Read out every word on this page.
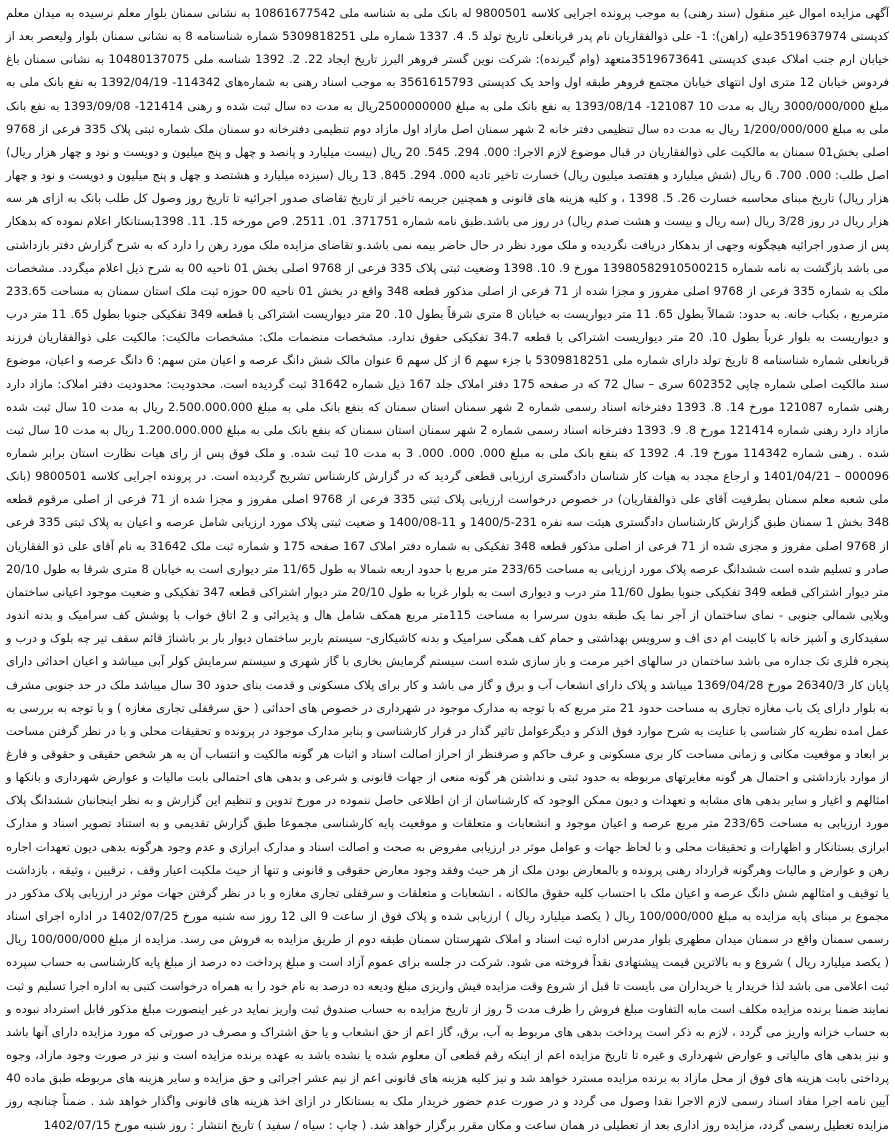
آگهی مزایده اموال غیر منقول (سند رهنی) به موجب پرونده اجرایی کلاسه 9800501 له بانک ملی به شناسه ملی 10861677542 به نشانی سمنان بلوار معلم نرسیده به میدان معلم کدپستی 3519637974علیه (راهن): 1- علی ذوالفقاریان نام پدر قربانعلی تاریخ تولد 5. 4. 1337 شماره ملی 5309818251 شماره شناسنامه 8 به نشانی سمنان بلوار ولیعصر بعد از خیابان ارم جنب املاک عبدی کدپستی 3519673641متعهد (وام گیرنده): شرکت نوین گستر فروهر البرز تاریخ ایجاد 22. 2. 1392 شناسه ملی 10480137075 به نشانی سمنان باغ فردوس خیابان 12 متری اول انتهای خیابان مجتمع فروهر طبقه اول واحد یک کدپستی 3561615793 به موجب اسناد رهنی به شماره‌های 114342- 1392/04/19 به نفع بانک ملی به مبلغ 3000/000/000 ریال به مدت 10 121087- 1393/08/14 به نفع بانک ملی به مبلغ 2500000000ریال به مدت ده سال ثبت شده و رهنی 121414- 1393/09/08 به نفع بانک ملی به مبلغ 1/200/000/000 ریال به مدت ده سال تنظیمی دفتر خانه 2 شهر سمنان اصل مازاد اول مازاد دوم تنظیمی دفترخانه دو سمنان ملک شماره ثبتی پلاک 335 فرعی از 9768 اصلی بخش01 سمنان به مالکیت علی ذوالفقاریان در قبال موضوع لازم الاجرا: 000. 294. 545. 20 ریال (بیست میلیارد و پانصد و چهل و پنج میلیون و دویست و نود و چهار هزار ریال) اصل طلب: 000. 700. 6 ریال (شش میلیارد و هفتصد میلیون ریال) خسارت تاخیر تادیه 000. 294. 845. 13 ریال (سیزده میلیارد و هشتصد و چهل و پنج میلیون و دویست و نود و چهار هزار ریال) تاریخ مبنای محاسبه خسارت 26. 5. 1398 ، و کلیه هزینه های قانونی و همچنین جریمه تاخیر از تاریخ تقاضای صدور اجرائیه تا تاریخ روز وصول کل طلب بانک به ازای هر سه هزار ریال در روز 3/28 ریال (سه ریال و بیست و هشت صدم ریال) در روز می باشد.طبق نامه شماره 371751. 01. 2511. 9ص مورخه 15. 11. 1398بستانکار اعلام نموده که بدهکار پس از صدور اجرائیه هیچگونه وجهی از بدهکار دریافت نگردیده و ملک مورد نظر در حال حاضر بیمه نمی باشد.و تقاضای مزایده ملک مورد رهن را دارد که به شرح گزارش دفتر بازداشتی می باشد بازگشت به نامه شماره 13980582910500215 مورخ 9. 10. 1398 وضعیت ثبتی پلاک 335 فرعی از 9768 اصلی بخش 01 ناحیه 00 به شرح ذیل اعلام میگردد. مشخصات ملک به شماره 335 فرعی از 9768 اصلی مفروز و مجزا شده از 71 فرعی از اصلی مذکور قطعه 348 واقع در بخش 01 ناحیه 00 حوزه ثبت ملک استان سمنان به مساحت 233.65 مترمربع ، بکباب خانه. به حدود: شمالاً بطول 65. 11 متر دیواریست به خیابان 8 متری شرقاً بطول 10. 20 متر دیواریست اشتراکی با قطعه 349 تفکیکی جنوبا بطول 65. 11 متر درب و دیواریست به بلوار غرباً بطول 10. 20 متر دیواریست اشتراکی با قطعه 34.7 تفکیکی حقوق ندارد. مشخصات منضمات ملک: مشخصات مالکیت: مالکیت علی ذوالفقاریان فرزند قربانعلی شماره شناسنامه 8 تاریخ تولد دارای شماره ملی 5309818251 با جزء سهم 6 از کل سهم 6 عنوان مالک شش دانگ عرصه و اعیان متن سهم: 6 دانگ عرصه و اعیان، موضوع سند مالکیت اصلی شماره چاپی 602352 سری – سال 72 که در صفحه 175 دفتر املاک جلد 167 ذیل شماره 31642 ثبت گردیده است. محدودیت: محدودیت دفتر املاک: مازاد دارد رهنی شماره 121087 مورخ 14. 8. 1393 دفترخانه اسناد رسمی شماره 2 شهر سمنان استان سمنان که بنفع بانک ملی به مبلغ 2.500.000.000 ریال به مدت 10 سال ثبت شده مازاد دارد رهنی شماره 121414 مورخ 8. 9. 1393 دفترخانه اسناد رسمی شماره 2 شهر سمنان استان سمنان که بنفع بانک ملی به مبلغ 1.200.000.000 ریال به مدت 10 سال ثبت شده . رهنی شماره 114342 مورخ 19. 4. 1392 که بنفع بانک ملی به مبلغ 000. 000. 000. 3 به مدت 10 ثبت شده. و ملک فوق پس از رای هیات نظارت استان برابر شماره 000096 – 1401/04/21 و ارجاع مجدد به هیات کار شناسان دادگستری ارزیابی قطعی گردید که در گزارش کارشناس تشریح گردیده است. در پرونده اجرایی کلاسه 9800501 (بانک ملی شعبه معلم سمنان بطرفیت آقای علی ذوالفقاریان) در خصوص درخواست ارزیابی پلاک ثبتی 335 فرعی از 9768 اصلی مفروز و مجزا شده از 71 فرعی از اصلی مرقوم قطعه 348 بخش 1 سمنان طبق گزارش کارشناسان دادگستری هیئت سه نفره 231-1400/5 و 11-1400/08 و ضعیت ثبتی پلاک مورد ارزیابی شامل عرصه و اعیان به پلاک ثبتی 335 فرعی از 9768 اصلی مفروز و مجزی شده از 71 فرعی از اصلی مذکور قطعه 348 تفکیکی به شماره دفتر املاک 167 صفحه 175 و شماره ثبت ملک 31642 به نام آقای علی ذو الفقاریان صادر و تسلیم شده است ششدانگ عرصه پلاک مورد ارزیابی به مساحت 233/65 متر مربع با حدود اربعه شمالا به طول 11/65 متر دیواری است به خیابان 8 متری شرقا به طول 20/10 متر دیوار اشتراکی قطعه 349 تفکیکی جنوبا بطول 11/60 متر درب و دیواری است به بلوار غربا به طول 20/10 متر دیوار اشتراکی قطعه 347 تفکیکی و ضعیت موجود اعیانی ساختمان ویلایی شمالی جنوبی - نمای ساختمان از آجر نما یک طبقه بدون سرسرا به مساحت 115متر مربع همکف شامل هال و پذیرائی و 2 اتاق خواب با پوشش کف سرامیک و بدنه اندود سفیدکاری و آشپز خانه با کابینت ام دی اف و سرویس بهداشتی و حمام کف همگی سرامیک و بدنه کاشیکاری- سیستم باربر ساختمان دیوار بار بر باشناژ قائم سقف تیر چه بلوک و درب و پنجره فلزی تک جداره می باشد ساختمان در سالهای اخیر مرمت و باز سازی شده است سیستم گرمایش بخاری با گاز شهری و سیستم سرمایش کولر آبی میباشد و اعیان احداثی دارای پایان کار 26340/3 مورخ 1369/04/28 میباشد و پلاک دارای انشعاب آب و برق و گاز می باشد و کار برای پلاک مسکونی و قدمت بنای حدود 30 سال میباشد ملک در حد جنوبی مشرف به بلوار دارای یک باب مغازه تجاری به مساحت حدود 21 متر مربع که با توجه به مدارک موجود در شهرداری در خصوص های احداثی ( حق سرقفلی تجاری مغازه ) و با توجه به بررسی به عمل امده نظریه کار شناسی با عنایت به شرح موارد فوق الذکر و دیگرعوامل تاثیر گذار در قرار کارشناسی و بنابر مدارک موجود در پرونده و تحقیقات محلی و با در نظر گرفتن مساحت بر ابعاد و موقعیت مکانی و زمانی مساحت کار بری مسکونی و عرف حاکم و صرفنظر از احراز اصالت اسناد و اثبات هر گونه مالکیت و انتساب آن به هر شخص حقیقی و حقوقی و فارغ از موارد بازداشتی و احتمال هر گونه مغایرتهای مربوطه به حدود ثبتی و نداشتن هر گونه منعی از جهات قانونی و شرعی و بدهی های احتمالی بابت مالیات و عوارض شهرداری و بانکها و امثالهم و اغیار و سایر بدهی های مشابه و تعهدات و دیون ممکن الوجود که کارشناسان از ان اطلاعی حاصل ننموده در مورخ تدوین و تنظیم این گزارش و به نظر اینجانبان ششدانگ پلاک مورد ارزیابی به مساحت 233/65 متر مربع عرصه و اعیان موجود و انشعابات و متعلقات و موقعیت پایه کارشناسی مجموعا طبق گزارش تقدیمی و به استناد تصویر اسناد و مدارک ابرازی بستانکار و اظهارات و تحقیقات محلی و با لحاظ جهات و عوامل موثر در ارزیابی مفروض به صحت و اصالت اسناد و مدارک ابرازی و عدم وجود هرگونه بدهی دیون تعهدات اجاره رهن و عوارض و مالیات وهرگونه قرارداد رهنی پرونده و بالمعارض بودن ملک از هر حیث وفقد وجود معارض حقوقی و قانونی و تنها از حیث ملکیت اعیار وقف ، ترقیین ، وثیقه ، بازداشت یا توقیف و امثالهم شش دانگ عرصه و اعیان ملک با احتساب کلیه حقوق مالکانه ، انشعابات و متعلقات و سرقفلی تجاری مغازه و با در نظر گرفتن جهات موثر در ارزیابی پلاک مذکور در مجموع بر مبنای پایه مزایده به مبلغ 100/000/000 ریال ( یکصد میلیارد ریال ) ارزیابی شده و پلاک فوق از ساعت 9 الی 12 روز سه شنبه مورخ 1402/07/25 در اداره اجرای اسناد رسمی سمنان واقع در سمنان میدان مطهری بلوار مدرس اداره ثبت اسناد و املاک شهرستان سمنان طبقه دوم از طریق مزایده به فروش می رسد. مزایده از مبلغ 100/000/000 ریال ( یکصد میلیارد ریال ) شروع و به بالاترین قیمت پیشنهادی نقداً فروخته می شود. شرکت در جلسه برای عموم آزاد است و مبلغ پرداخت ده درصد از مبلغ پایه کارشناسی به حساب سپرده ثبت اعلامی می باشد لذا خریدار یا خریداران می بایست تا قبل از شروع وقت مزایده فیش واریزی مبلغ ودیعه ده درصد به نام خود را به همراه درخواست کتبی به اداره اجرا تسلیم و ثبت نمایند ضمنا برنده مزایده مکلف است مابه التفاوت مبلغ فروش را ظرف مدت 5 روز از تاریخ مزایده به حساب صندوق ثبت واریز نماید در غیر اینصورت مبلغ مذکور قابل استرداد نبوده و به حساب خزانه واریز می گردد ، لازم به ذکر است پرداخت بدهی های مربوط به آب، برق، گاز اعم از حق انشعاب و یا حق اشتراک و مصرف در صورتی که مورد مزایده دارای آنها باشد و نیز بدهی های مالیاتی و عوارض شهرداری و غیره تا تاریخ مزایده اعم از اینکه رقم قطعی آن معلوم شده یا نشده باشد به عهده برنده مزایده است و نیز در صورت وجود مازاد، وجوه پرداختی بابت هزینه های فوق از محل مازاد به برنده مزایده مسترد خواهد شد و نیز کلیه هزینه های قانونی اعم از نیم عشر اجرائی و حق مزایده و سایر هزینه های مربوطه طبق ماده 40 آیین نامه اجرا مفاد اسناد رسمی لازم الاجرا نقدا وصول می گردد و در صورت عدم حضور خریدار ملک به بستانکار در ازای اخذ هزینه های قانونی واگذار خواهد شد . ضمناً چنانچه روز مزایده تعطیل رسمی گردد، مزایده روز اداری بعد از تعطیلی در همان ساعت و مکان مقرر برگزار خواهد شد. ( چاپ : سیاه / سفید ) تاریخ انتشار : روز شنبه مورخ 1402/07/15
